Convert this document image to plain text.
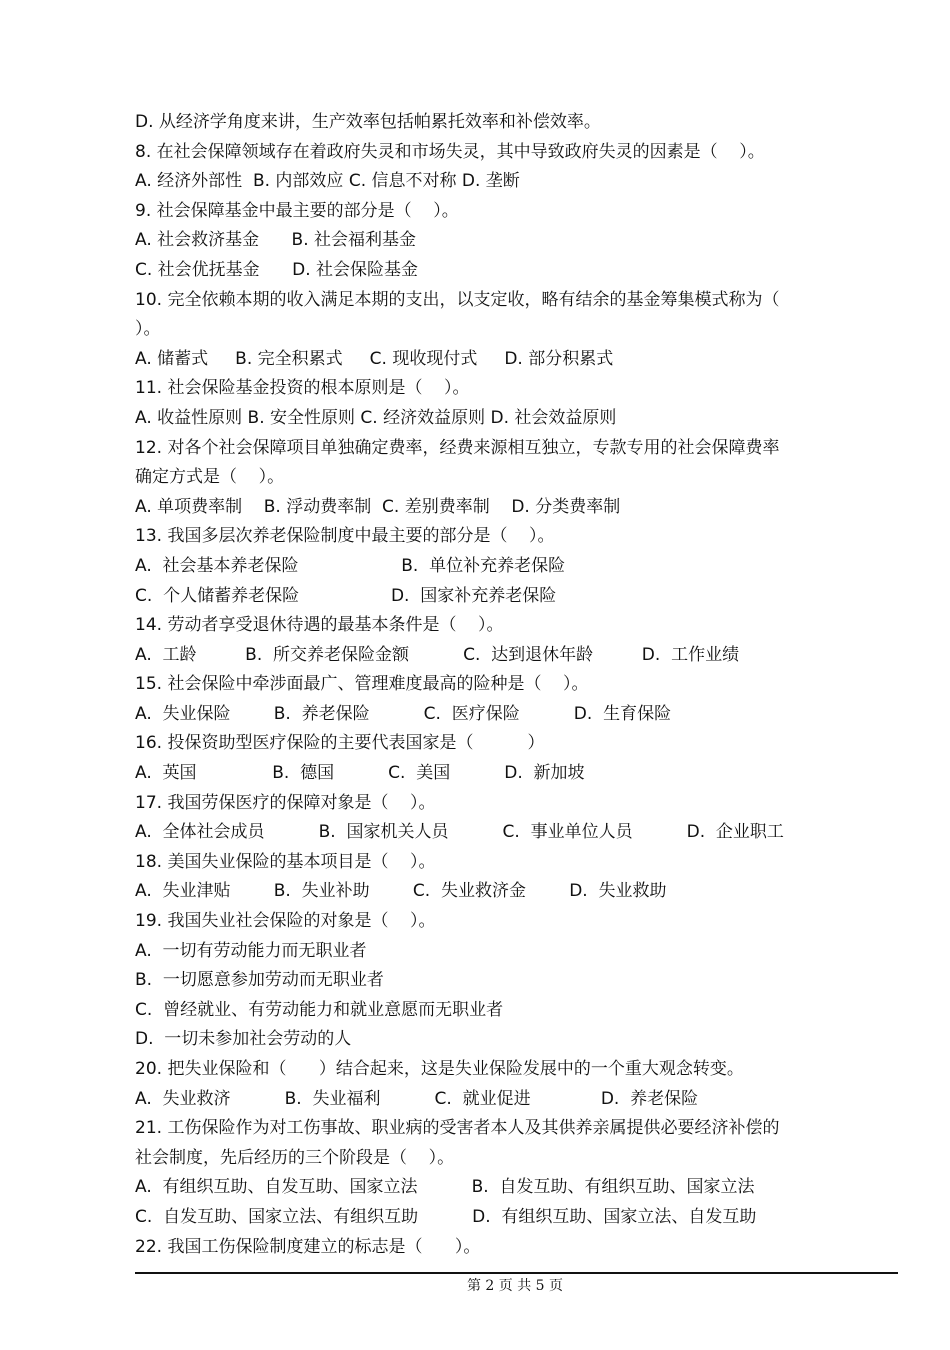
D. 从经济学角度来讲，生产效率包括帕累托效率和补偿效率。
8. 在社会保障领域存在着政府失灵和市场失灵，其中导致政府失灵的因素是（    ）。
A. 经济外部性  B. 内部效应 C. 信息不对称 D. 垄断
9. 社会保障基金中最主要的部分是（    ）。
A. 社会救济基金      B. 社会福利基金
C. 社会优抚基金      D. 社会保险基金
10. 完全依赖本期的收入满足本期的支出，以支定收，略有结余的基金筹集模式称为（
）。
A. 储蓄式     B. 完全积累式     C. 现收现付式     D. 部分积累式
11. 社会保险基金投资的根本原则是（    ）。
A. 收益性原则 B. 安全性原则 C. 经济效益原则 D. 社会效益原则
12. 对各个社会保障项目单独确定费率，经费来源相互独立，专款专用的社会保障费率
确定方式是（    ）。
A. 单项费率制    B. 浮动费率制  C. 差别费率制    D. 分类费率制
13. 我国多层次养老保险制度中最主要的部分是（    ）。
A.  社会基本养老保险                   B.  单位补充养老保险
C.  个人储蓄养老保险                 D.  国家补充养老保险
14. 劳动者享受退休待遇的最基本条件是（    ）。
A.  工龄         B.  所交养老保险金额          C.  达到退休年龄         D.  工作业绩
15. 社会保险中牵涉面最广、管理难度最高的险种是（    ）。
A.  失业保险        B.  养老保险          C.  医疗保险          D.  生育保险
16. 投保资助型医疗保险的主要代表国家是（          ）
A.  英国              B.  德国          C.  美国          D.  新加坡
17. 我国劳保医疗的保障对象是（    ）。
A.  全体社会成员          B.  国家机关人员          C.  事业单位人员          D.  企业职工
18. 美国失业保险的基本项目是（    ）。
A.  失业津贴        B.  失业补助        C.  失业救济金        D.  失业救助
19. 我国失业社会保险的对象是（    ）。
A.  一切有劳动能力而无职业者
B.  一切愿意参加劳动而无职业者
C.  曾经就业、有劳动能力和就业意愿而无职业者
D.  一切未参加社会劳动的人
20. 把失业保险和（      ）结合起来，这是失业保险发展中的一个重大观念转变。
A.  失业救济          B.  失业福利          C.  就业促进             D.  养老保险
21. 工伤保险作为对工伤事故、职业病的受害者本人及其供养亲属提供必要经济补偿的
社会制度，先后经历的三个阶段是（    ）。
A.  有组织互助、自发互助、国家立法          B.  自发互助、有组织互助、国家立法
C.  自发互助、国家立法、有组织互助          D.  有组织互助、国家立法、自发互助
22. 我国工伤保险制度建立的标志是（      ）。
第 2 页 共 5 页
